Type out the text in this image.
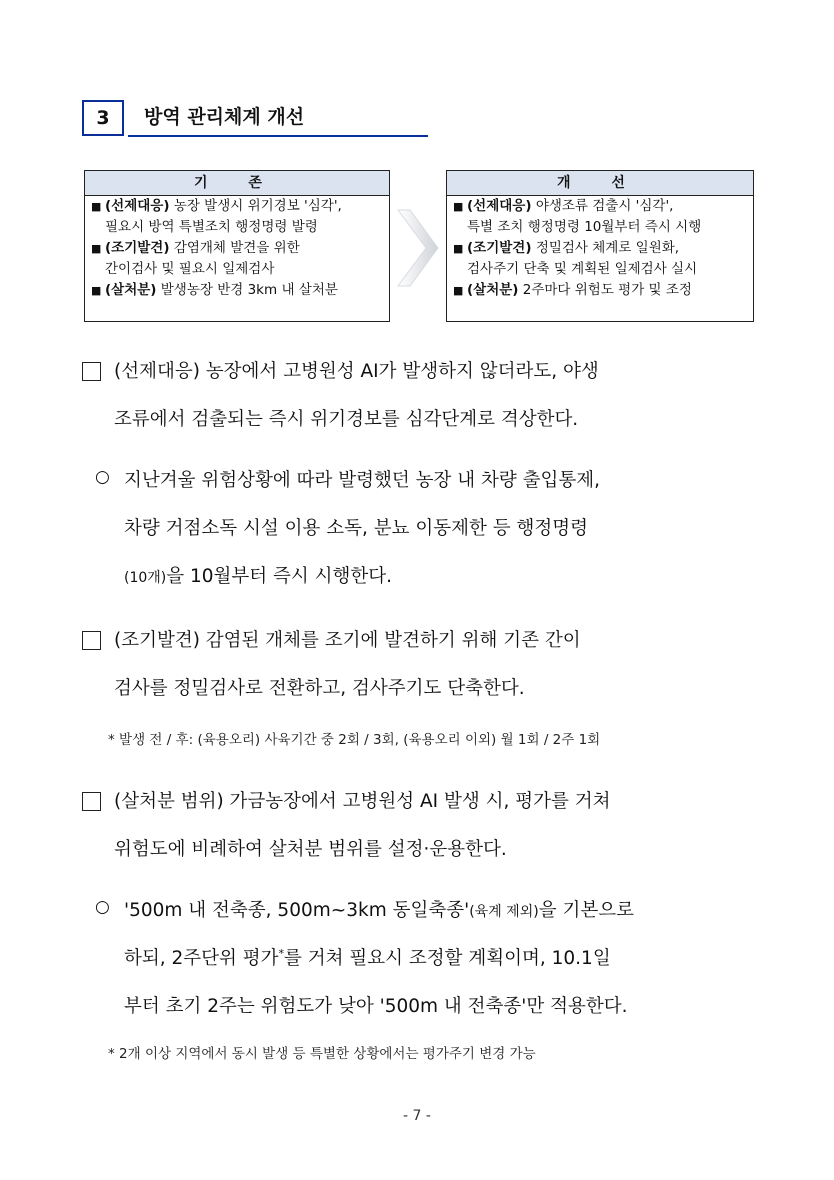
3	방역 관리체계 개선
기 존
■ (선제대응) 농장 발생시 위기경보 '심각',
필요시 방역 특별조치 행정명령 발령
■ (조기발견) 감염개체 발견을 위한
간이검사 및 필요시 일제검사
■ (살처분) 발생농장 반경 3km 내 살처분
개 선
■ (선제대응) 야생조류 검출시 '심각',
특별 조치 행정명령 10월부터 즉시 시행
■ (조기발견) 정밀검사 체계로 일원화,
검사주기 단축 및 계획된 일제검사 실시
■ (살처분) 2주마다 위험도 평가 및 조정
(선제대응) 농장에서 고병원성 AI가 발생하지 않더라도, 야생
조류에서 검출되는 즉시 위기경보를 심각단계로 격상한다.
○ 지난겨울 위험상황에 따라 발령했던 농장 내 차량 출입통제,
차량 거점소독 시설 이용 소독, 분뇨 이동제한 등 행정명령
(10개)을 10월부터 즉시 시행한다.
(조기발견) 감염된 개체를 조기에 발견하기 위해 기존 간이
검사를 정밀검사로 전환하고, 검사주기도 단축한다.
* 발생 전 / 후: (육용오리) 사육기간 중 2회 / 3회, (육용오리 이외) 월 1회 / 2주 1회
(살처분 범위) 가금농장에서 고병원성 AI 발생 시, 평가를 거쳐
위험도에 비례하여 살처분 범위를 설정·운용한다.
○ '500m 내 전축종, 500m~3km 동일축종'(육계 제외)을 기본으로
하되, 2주단위 평가*를 거쳐 필요시 조정할 계획이며, 10.1일
부터 초기 2주는 위험도가 낮아 '500m 내 전축종'만 적용한다.
* 2개 이상 지역에서 동시 발생 등 특별한 상황에서는 평가주기 변경 가능
- 7 -
